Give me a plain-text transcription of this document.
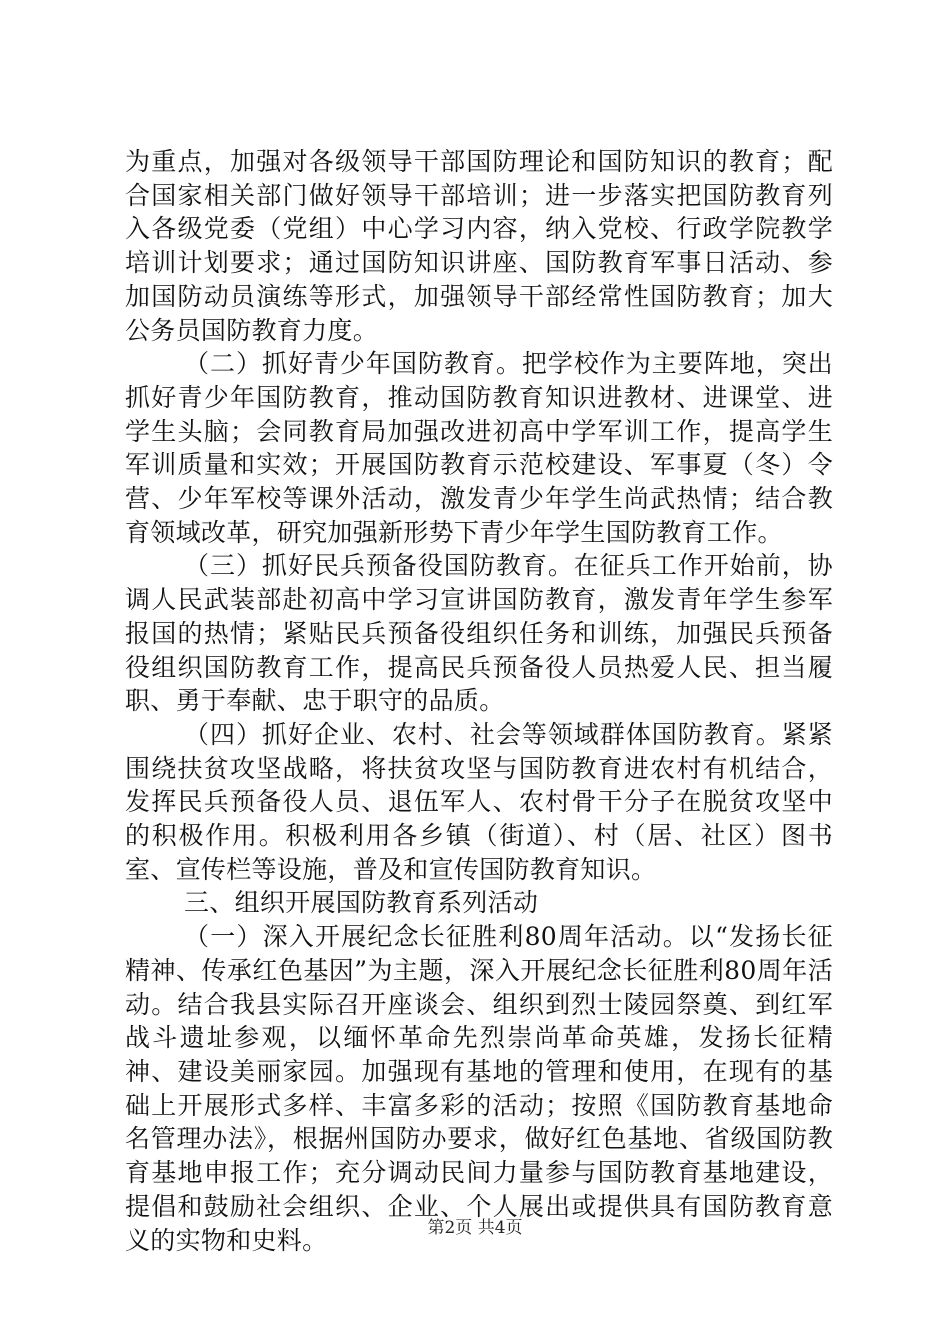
为重点，加强对各级领导干部国防理论和国防知识的教育；配合国家相关部门做好领导干部培训；进一步落实把国防教育列入各级党委（党组）中心学习内容，纳入党校、行政学院教学培训计划要求；通过国防知识讲座、国防教育军事日活动、参加国防动员演练等形式，加强领导干部经常性国防教育；加大公务员国防教育力度。

（二）抓好青少年国防教育。把学校作为主要阵地，突出抓好青少年国防教育，推动国防教育知识进教材、进课堂、进学生头脑；会同教育局加强改进初高中学军训工作，提高学生军训质量和实效；开展国防教育示范校建设、军事夏（冬）令营、少年军校等课外活动，激发青少年学生尚武热情；结合教育领域改革，研究加强新形势下青少年学生国防教育工作。

（三）抓好民兵预备役国防教育。在征兵工作开始前，协调人民武装部赴初高中学习宣讲国防教育，激发青年学生参军报国的热情；紧贴民兵预备役组织任务和训练，加强民兵预备役组织国防教育工作，提高民兵预备役人员热爱人民、担当履职、勇于奉献、忠于职守的品质。

（四）抓好企业、农村、社会等领域群体国防教育。紧紧围绕扶贫攻坚战略，将扶贫攻坚与国防教育进农村有机结合，发挥民兵预备役人员、退伍军人、农村骨干分子在脱贫攻坚中的积极作用。积极利用各乡镇（街道）、村（居、社区）图书室、宣传栏等设施，普及和宣传国防教育知识。

三、组织开展国防教育系列活动

（一）深入开展纪念长征胜利80周年活动。以“发扬长征精神、传承红色基因”为主题，深入开展纪念长征胜利80周年活动。结合我县实际召开座谈会、组织到烈士陵园祭奠、到红军战斗遗址参观，以缅怀革命先烈崇尚革命英雄，发扬长征精神、建设美丽家园。加强现有基地的管理和使用，在现有的基础上开展形式多样、丰富多彩的活动；按照《国防教育基地命名管理办法》，根据州国防办要求，做好红色基地、省级国防教育基地申报工作；充分调动民间力量参与国防教育基地建设，提倡和鼓励社会组织、企业、个人展出或提供具有国防教育意义的实物和史料。	第2页 共4页
